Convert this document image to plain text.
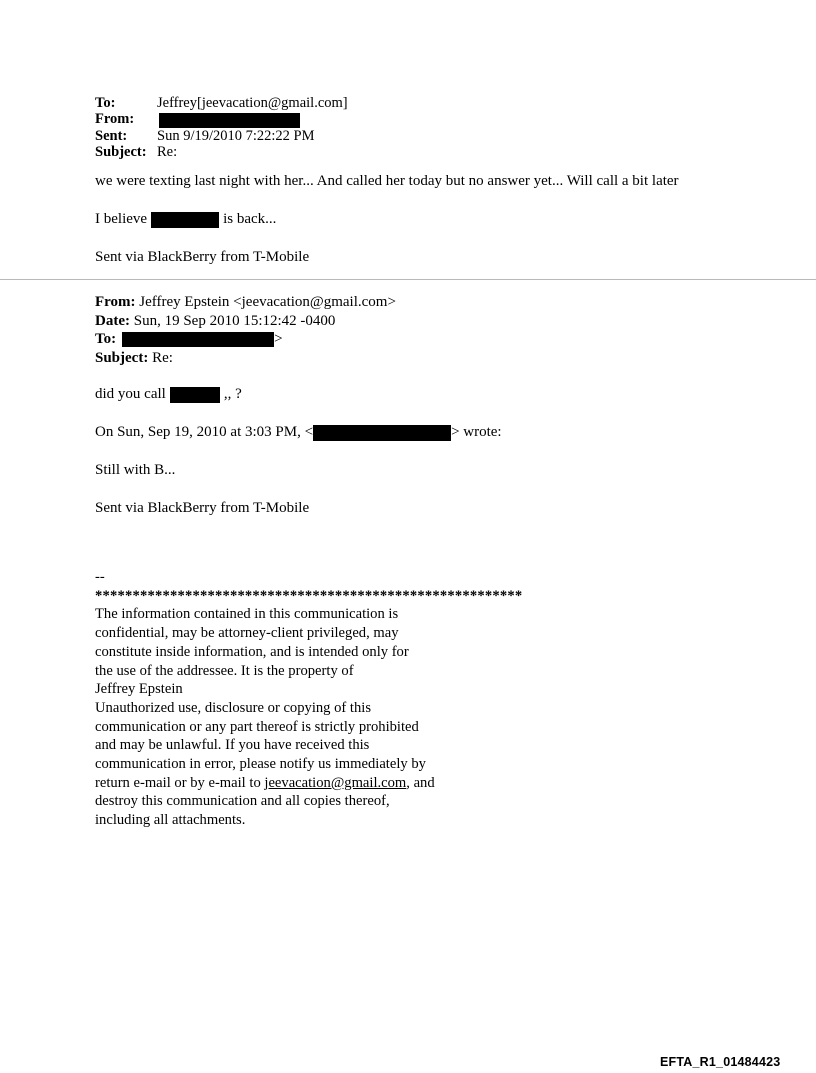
To:	Jeffrey[jeevacation@gmail.com]
From:
Sent: Sun 9/19/2010 7:22:22 PM
Subject: Re:

we were texting last night with her... And called her today but no answer yet... Will call a bit later

I believe	is back...

Sent via BlackBerry from T-Mobile

From: Jeffrey Epstein <jeevacation@gmail.com>
Date: Sun, 19 Sep 2010 15:12:42 -0400
To:	>
Subject: Re:

did you call	,, ?

On Sun, Sep 19, 2010 at 3:03 PM, <	> wrote:

Still with B...

Sent via BlackBerry from T-Mobile

--
*********************************************************
The information contained in this communication is
confidential, may be attorney-client privileged, may
constitute inside information, and is intended only for
the use of the addressee. It is the property of
Jeffrey Epstein
Unauthorized use, disclosure or copying of this
communication or any part thereof is strictly prohibited
and may be unlawful. If you have received this
communication in error, please notify us immediately by
return e-mail or by e-mail to jeevacation@gmail.com, and
destroy this communication and all copies thereof,
including all attachments.
EFTA_R1_01484423
